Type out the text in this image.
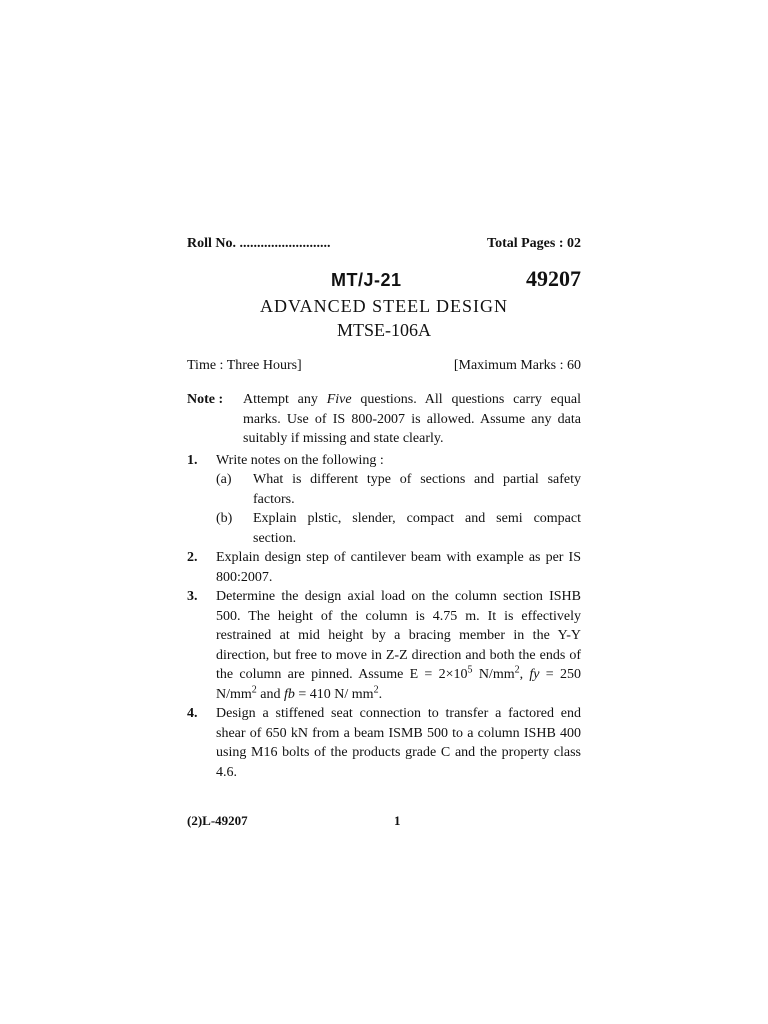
Roll No. ..........................	Total Pages : 02
MT/J-21	49207
ADVANCED STEEL DESIGN
MTSE-106A
Time : Three Hours]	[Maximum Marks : 60
Note :	Attempt any Five questions. All questions carry equal marks. Use of IS 800-2007 is allowed. Assume any data suitably if missing and state clearly.
1.	Write notes on the following :
(a)	What is different type of sections and partial safety factors.
(b)	Explain plstic, slender, compact and semi compact section.
2.	Explain design step of cantilever beam with example as per IS 800:2007.
3.	Determine the design axial load on the column section ISHB 500. The height of the column is 4.75 m. It is effectively restrained at mid height by a bracing member in the Y-Y direction, but free to move in Z-Z direction and both the ends of the column are pinned. Assume $E = 2\times 10^5$ $N/mm^2$, fy = 250 $N/mm^2$ and fb = 410 N/ $mm^2$.
4.	Design a stiffened seat connection to transfer a factored end shear of 650 kN from a beam ISMB 500 to a column ISHB 400 using M16 bolts of the products grade C and the property class 4.6.
(2)L-49207	1
